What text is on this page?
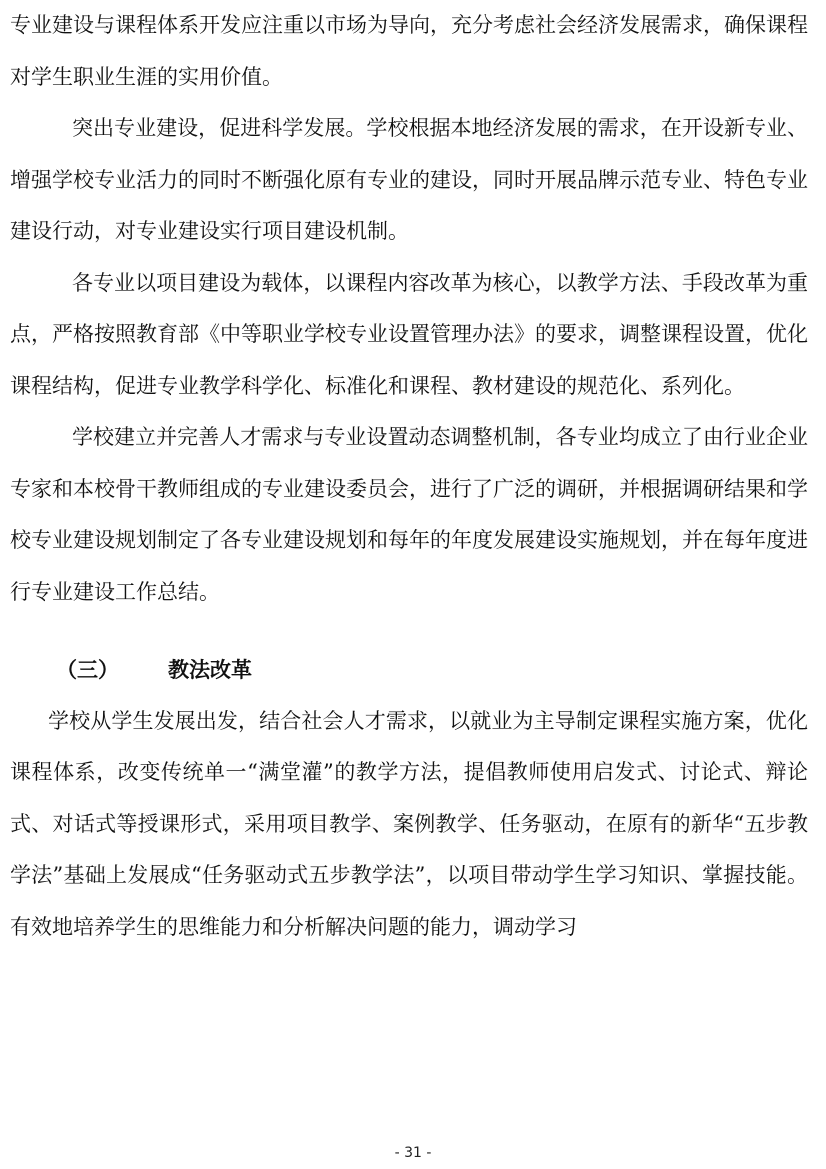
专业建设与课程体系开发应注重以市场为导向，充分考虑社会经济发展需求，确保课程对学生职业生涯的实用价值。

突出专业建设，促进科学发展。学校根据本地经济发展的需求，在开设新专业、增强学校专业活力的同时不断强化原有专业的建设，同时开展品牌示范专业、特色专业建设行动，对专业建设实行项目建设机制。

各专业以项目建设为载体，以课程内容改革为核心，以教学方法、手段改革为重点，严格按照教育部《中等职业学校专业设置管理办法》的要求，调整课程设置，优化课程结构，促进专业教学科学化、标准化和课程、教材建设的规范化、系列化。

学校建立并完善人才需求与专业设置动态调整机制，各专业均成立了由行业企业专家和本校骨干教师组成的专业建设委员会，进行了广泛的调研，并根据调研结果和学校专业建设规划制定了各专业建设规划和每年的年度发展建设实施规划，并在每年度进行专业建设工作总结。

（三） 教法改革

学校从学生发展出发，结合社会人才需求，以就业为主导制定课程实施方案，优化课程体系，改变传统单一“满堂灌”的教学方法，提倡教师使用启发式、讨论式、辩论式、对话式等授课形式，采用项目教学、案例教学、任务驱动，在原有的新华“五步教学法”基础上发展成“任务驱动式五步教学法”，以项目带动学生学习知识、掌握技能。有效地培养学生的思维能力和分析解决问题的能力，调动学习

- 31 -
